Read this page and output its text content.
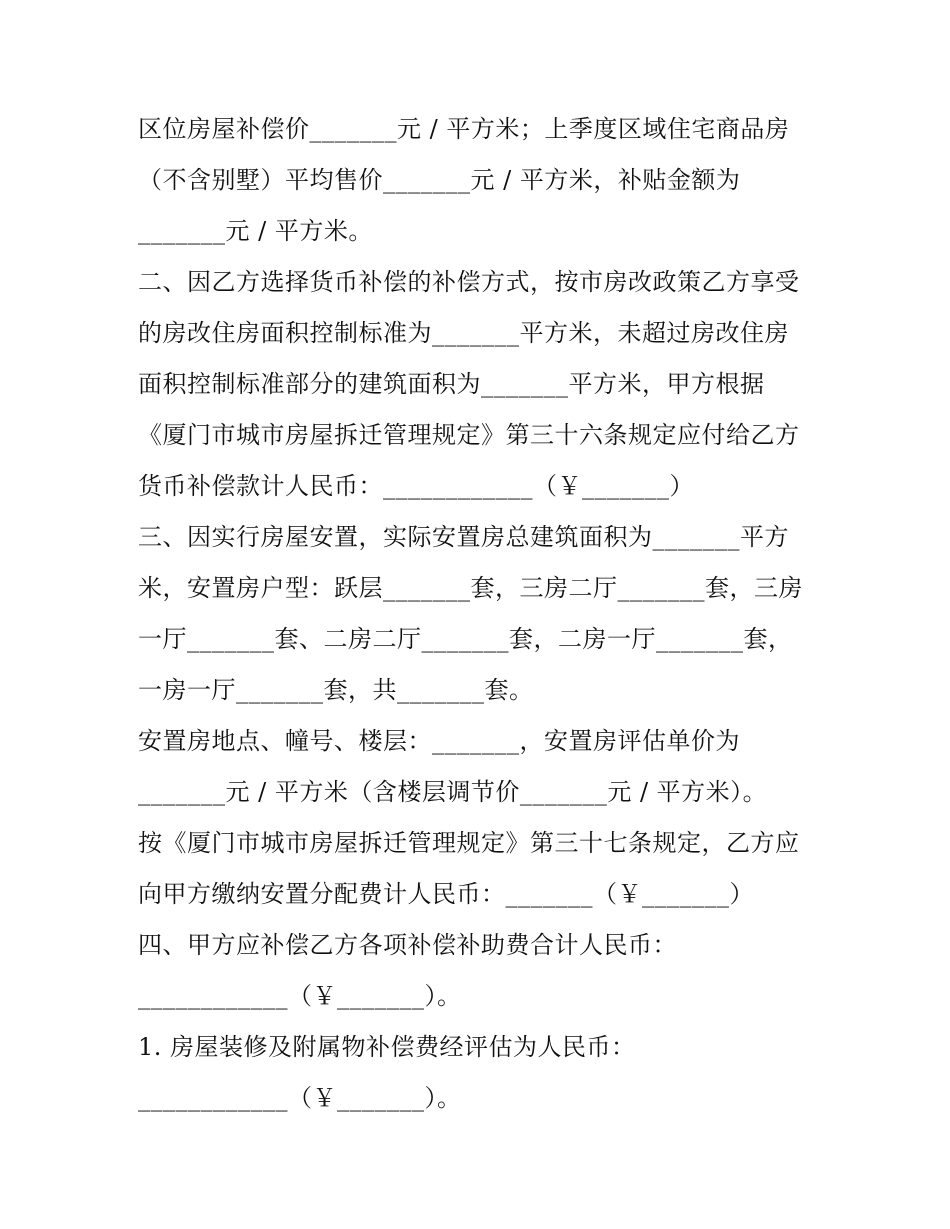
区位房屋补偿价_______元 / 平方米；上季度区域住宅商品房
（不含别墅）平均售价_______元 / 平方米，补贴金额为
_______元 / 平方米。
二、因乙方选择货币补偿的补偿方式，按市房改政策乙方享受
的房改住房面积控制标准为_______平方米，未超过房改住房
面积控制标准部分的建筑面积为_______平方米，甲方根据
《厦门市城市房屋拆迁管理规定》第三十六条规定应付给乙方
货币补偿款计人民币：____________（￥_______）
三、因实行房屋安置，实际安置房总建筑面积为_______平方
米，安置房户型：跃层_______套，三房二厅_______套，三房
一厅_______套、二房二厅_______套，二房一厅_______套，
一房一厅_______套，共_______套。
安置房地点、幢号、楼层：_______，安置房评估单价为
_______元 / 平方米（含楼层调节价_______元 / 平方米）。
按《厦门市城市房屋拆迁管理规定》第三十七条规定，乙方应
向甲方缴纳安置分配费计人民币：_______（￥_______）
四、甲方应补偿乙方各项补偿补助费合计人民币：
____________（￥_______）。
1. 房屋装修及附属物补偿费经评估为人民币：
____________（￥_______）。
